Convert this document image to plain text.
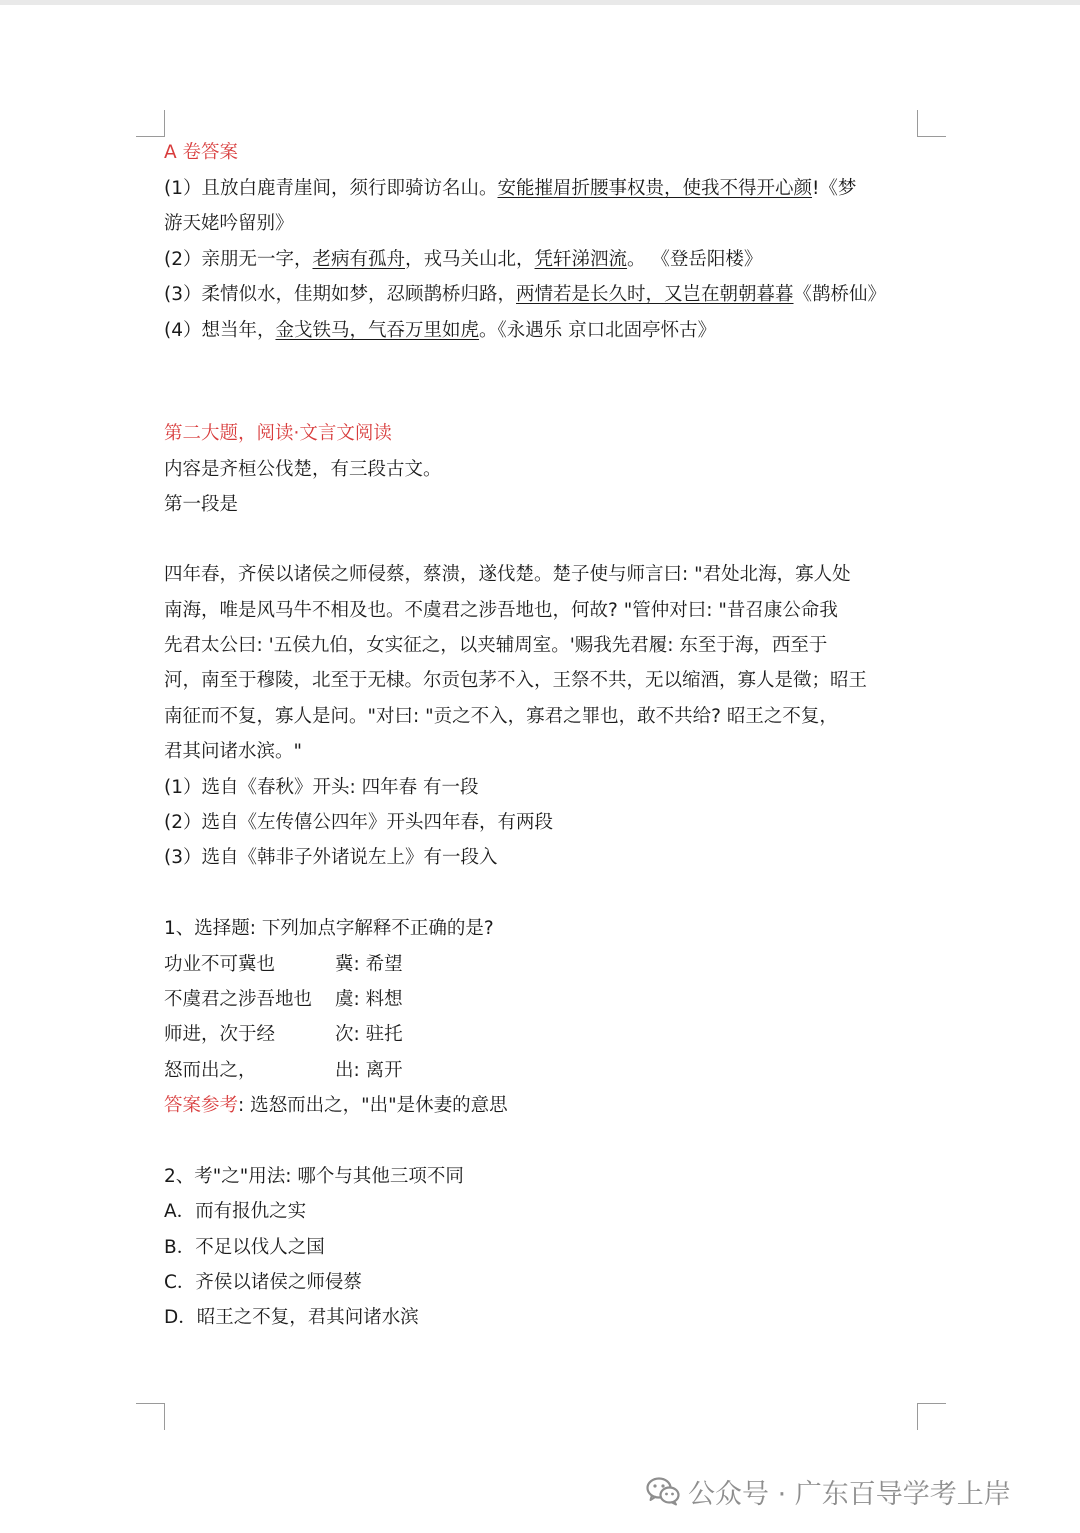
A 卷答案
(1）且放白鹿青崖间，须行即骑访名山。安能摧眉折腰事权贵，使我不得开心颜!《梦
游天姥吟留别》
(2）亲朋无一字，老病有孤舟，戎马关山北，凭轩涕泗流。 《登岳阳楼》
(3）柔情似水，佳期如梦，忍顾鹊桥归路，两情若是长久时，又岂在朝朝暮暮《鹊桥仙》
(4）想当年，金戈铁马，气吞万里如虎。《永遇乐 京口北固亭怀古》
第二大题，阅读·文言文阅读
内容是齐桓公伐楚，有三段古文。
第一段是
四年春，齐侯以诸侯之师侵蔡，蔡溃，遂伐楚。楚子使与师言曰: "君处北海，寡人处
南海，唯是风马牛不相及也。不虞君之涉吾地也，何故? "管仲对曰: "昔召康公命我
先君太公曰: '五侯九伯，女实征之，以夹辅周室。'赐我先君履: 东至于海，西至于
河，南至于穆陵，北至于无棣。尔贡包茅不入，王祭不共，无以缩酒，寡人是徵；昭王
南征而不复，寡人是问。"对曰: "贡之不入，寡君之罪也，敢不共给? 昭王之不复，
君其问诸水滨。"
(1）选自《春秋》开头: 四年春 有一段
(2）选自《左传僖公四年》开头四年春，有两段
(3）选自《韩非子外诸说左上》有一段入
1、选择题: 下列加点字解释不正确的是?
功业不可冀也	冀: 希望
不虞君之涉吾地也 虞: 料想
师进，次于经	次: 驻托
怒而出之，	出: 离开
答案参考: 选怒而出之，"出"是休妻的意思
2、考"之"用法: 哪个与其他三项不同
A．而有报仇之实
B．不足以伐人之国
C．齐侯以诸侯之师侵蔡
D．昭王之不复，君其问诸水滨
公众号 · 广东百导学考上岸
